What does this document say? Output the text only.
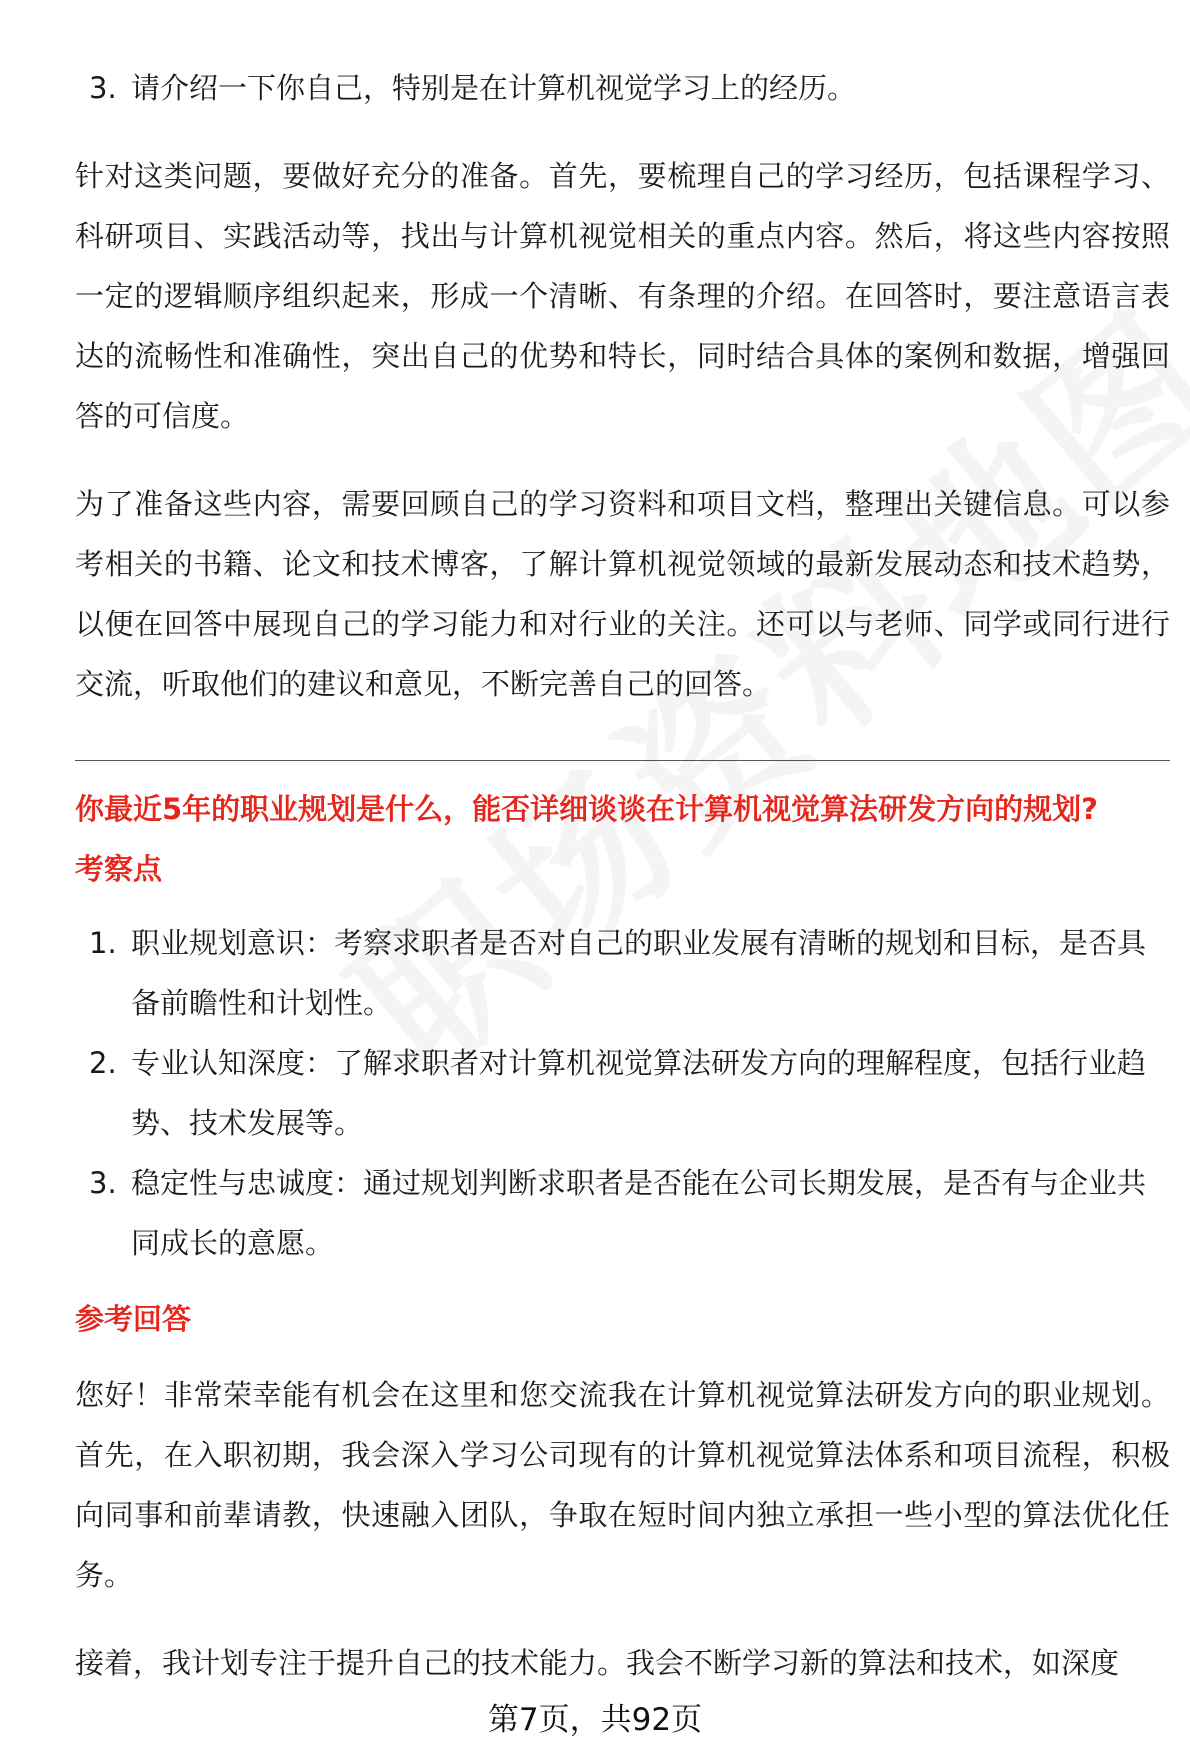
3. 请介绍一下你自己，特别是在计算机视觉学习上的经历。

针对这类问题，要做好充分的准备。首先，要梳理自己的学习经历，包括课程学习、科研项目、实践活动等，找出与计算机视觉相关的重点内容。然后，将这些内容按照一定的逻辑顺序组织起来，形成一个清晰、有条理的介绍。在回答时，要注意语言表达的流畅性和准确性，突出自己的优势和特长，同时结合具体的案例和数据，增强回答的可信度。

为了准备这些内容，需要回顾自己的学习资料和项目文档，整理出关键信息。可以参考相关的书籍、论文和技术博客，了解计算机视觉领域的最新发展动态和技术趋势，以便在回答中展现自己的学习能力和对行业的关注。还可以与老师、同学或同行进行交流，听取他们的建议和意见，不断完善自己的回答。

你最近5年的职业规划是什么，能否详细谈谈在计算机视觉算法研发方向的规划?

考察点

1. 职业规划意识：考察求职者是否对自己的职业发展有清晰的规划和目标，是否具备前瞻性和计划性。
2. 专业认知深度：了解求职者对计算机视觉算法研发方向的理解程度，包括行业趋势、技术发展等。
3. 稳定性与忠诚度：通过规划判断求职者是否能在公司长期发展，是否有与企业共同成长的意愿。

参考回答

您好！非常荣幸能有机会在这里和您交流我在计算机视觉算法研发方向的职业规划。首先，在入职初期，我会深入学习公司现有的计算机视觉算法体系和项目流程，积极向同事和前辈请教，快速融入团队，争取在短时间内独立承担一些小型的算法优化任务。

接着，我计划专注于提升自己的技术能力。我会不断学习新的算法和技术，如深度

第7页，共92页
